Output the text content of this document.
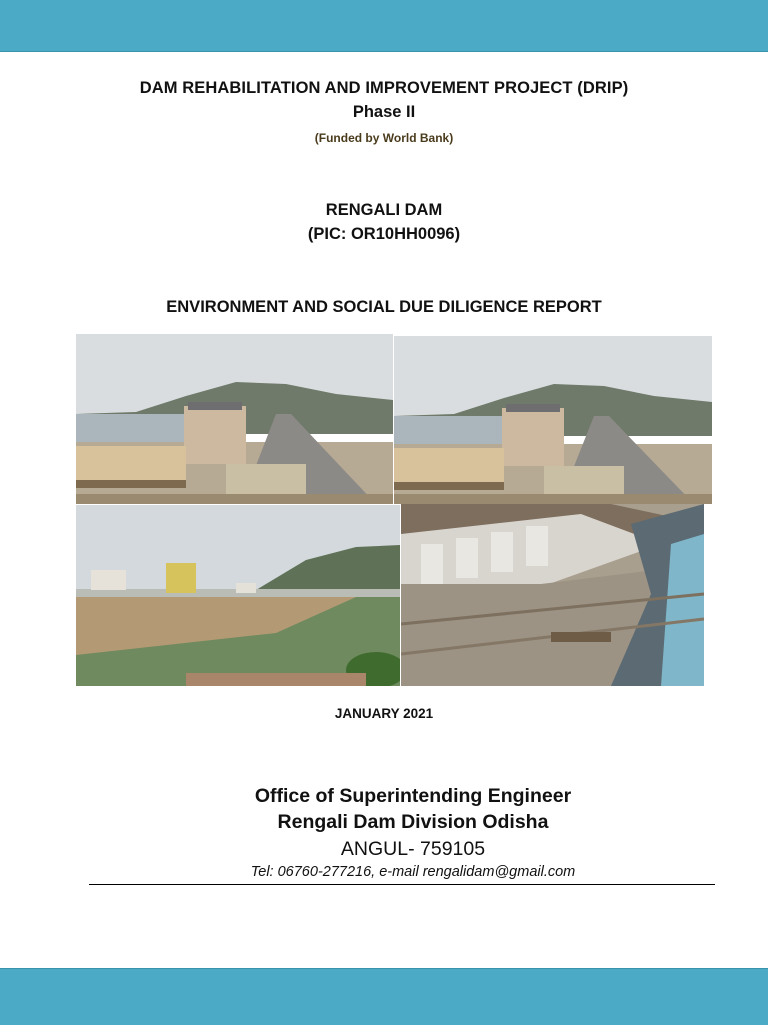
DAM REHABILITATION AND IMPROVEMENT PROJECT (DRIP)
Phase II
(Funded by World Bank)
RENGALI DAM
(PIC: OR10HH0096)
ENVIRONMENT AND SOCIAL DUE DILIGENCE REPORT
JANUARY 2021
Office of Superintending Engineer
Rengali Dam Division Odisha
ANGUL- 759105
Tel: 06760-277216, e-mail rengalidam@gmail.com
